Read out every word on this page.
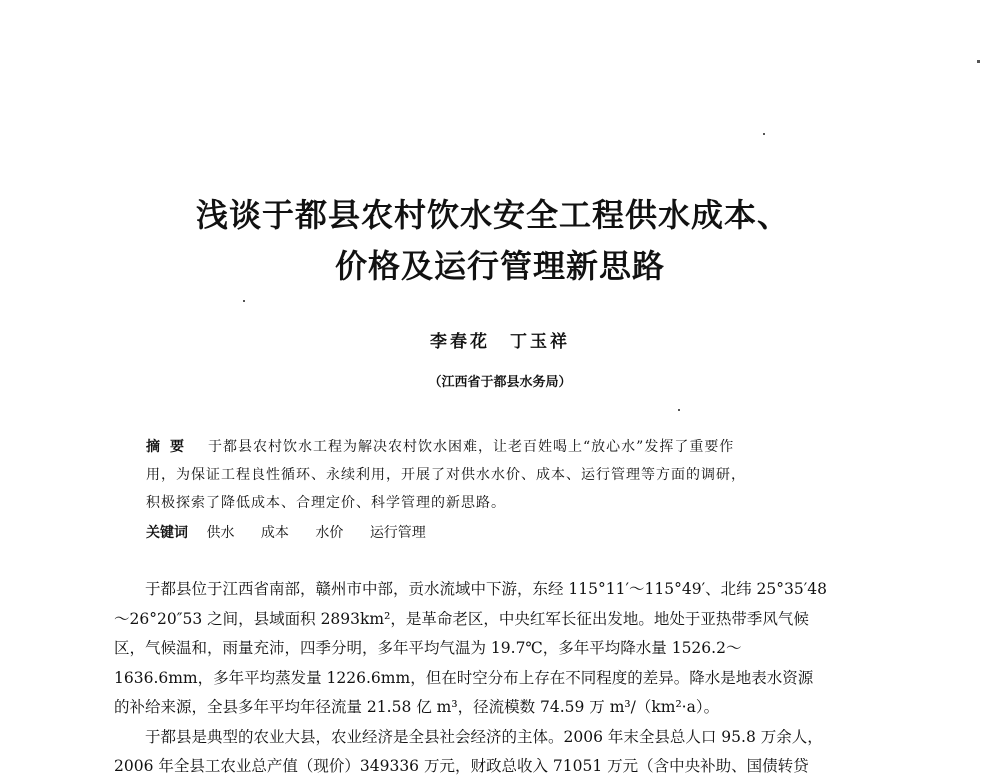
浅谈于都县农村饮水安全工程供水成本、
价格及运行管理新思路
李春花　丁玉祥
（江西省于都县水务局）

摘要 于都县农村饮水工程为解决农村饮水困难，让老百姓喝上“放心水”发挥了重要作

用，为保证工程良性循环、永续利用，开展了对供水水价、成本、运行管理等方面的调研，

积极探索了降低成本、合理定价、科学管理的新思路。

关键词 供水 成本 水价 运行管理

于都县位于江西省南部，赣州市中部，贡水流域中下游，东经 115°11′～115°49′、北纬 25°35′48

～26°20″53 之间，县域面积 2893km²，是革命老区，中央红军长征出发地。地处于亚热带季风气候

区，气候温和，雨量充沛，四季分明，多年平均气温为 19.7℃，多年平均降水量 1526.2～

1636.6mm，多年平均蒸发量 1226.6mm，但在时空分布上存在不同程度的差异。降水是地表水资源

的补给来源，全县多年平均年径流量 21.58 亿 m³，径流模数 74.59 万 m³/（km²·a）。

于都县是典型的农业大县，农业经济是全县社会经济的主体。2006 年末全县总人口 95.8 万余人，

2006 年全县工农业总产值（现价）349336 万元，财政总收入 71051 万元（含中央补助、国债转贷
